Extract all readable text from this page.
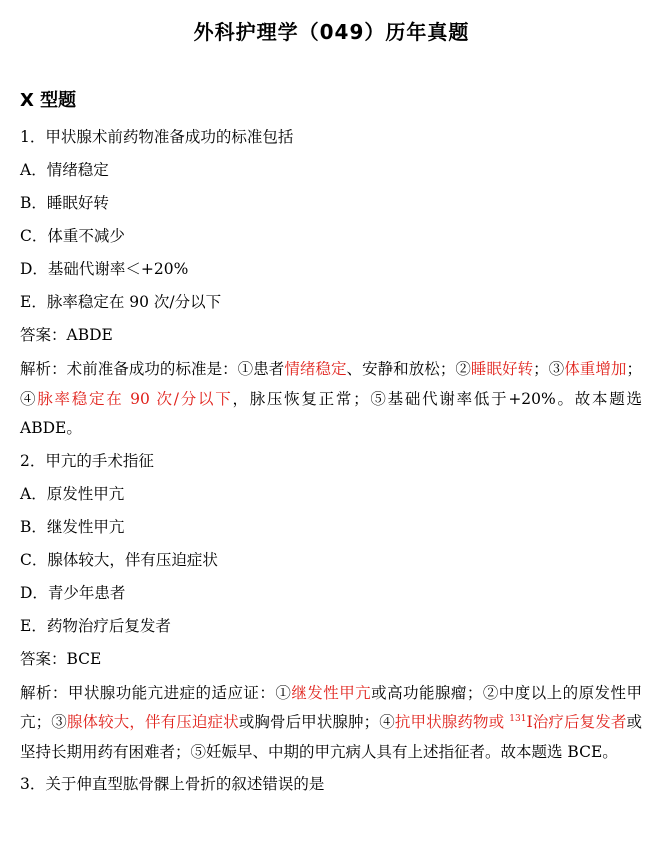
外科护理学（049）历年真题
X 型题
1．甲状腺术前药物准备成功的标准包括
A．情绪稳定
B．睡眠好转
C．体重不减少
D．基础代谢率＜+20%
E．脉率稳定在 90 次/分以下
答案：ABDE
解析：术前准备成功的标准是：①患者情绪稳定、安静和放松；②睡眠好转；③体重增加；④脉率稳定在 90 次/分以下，脉压恢复正常；⑤基础代谢率低于+20%。故本题选 ABDE。
2．甲亢的手术指征
A．原发性甲亢
B．继发性甲亢
C．腺体较大，伴有压迫症状
D．青少年患者
E．药物治疗后复发者
答案：BCE
解析：甲状腺功能亢进症的适应证：①继发性甲亢或高功能腺瘤；②中度以上的原发性甲亢；③腺体较大，伴有压迫症状或胸骨后甲状腺肿；④抗甲状腺药物或 $^{131}$I治疗后复发者或坚持长期用药有困难者；⑤妊娠早、中期的甲亢病人具有上述指征者。故本题选 BCE。
3．关于伸直型肱骨髁上骨折的叙述错误的是
